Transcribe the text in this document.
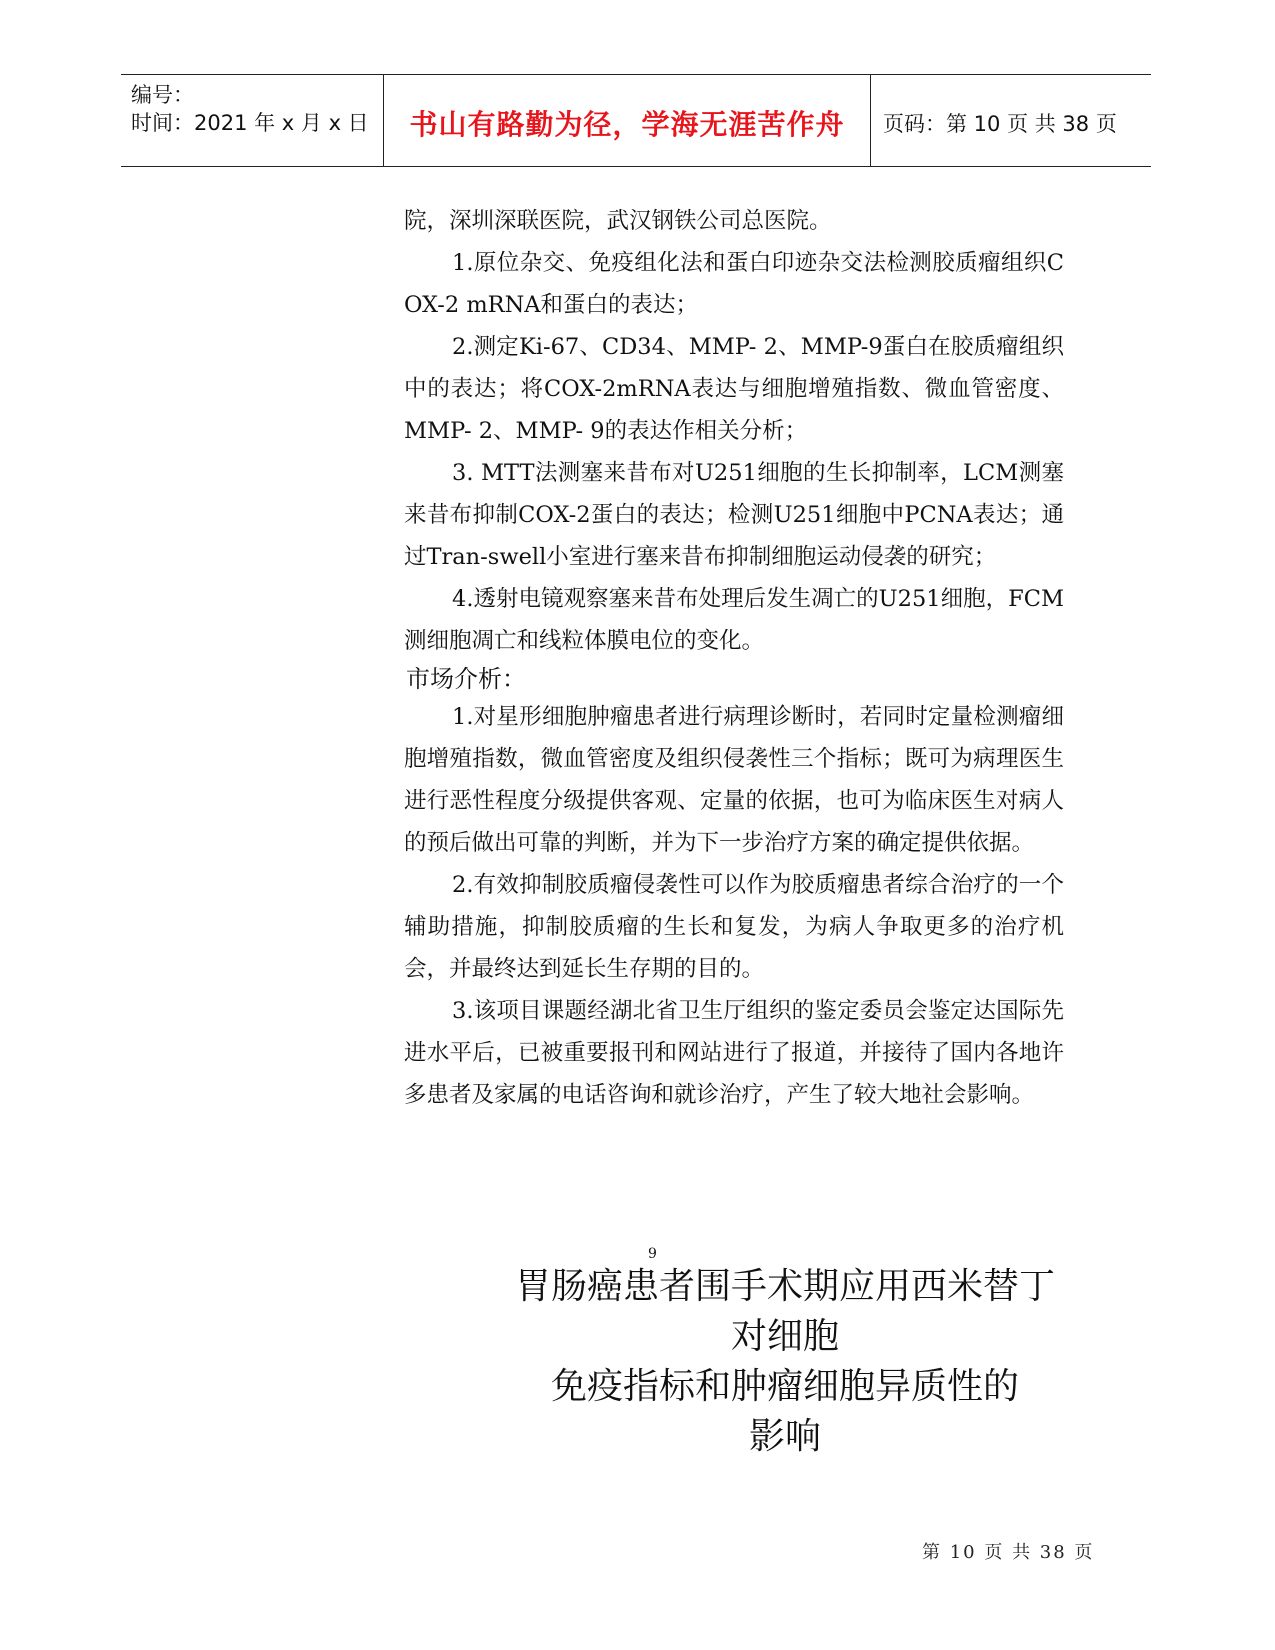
编号：
时间：2021 年 x 月 x 日	书山有路勤为径，学海无涯苦作舟	页码：第 10 页 共 38 页

院，深圳深联医院，武汉钢铁公司总医院。

1.原位杂交、免疫组化法和蛋白印迹杂交法检测胶质瘤组织COX-2 mRNA和蛋白的表达；

2.测定Ki-67、CD34、MMP- 2、MMP-9蛋白在胶质瘤组织中的表达；将COX-2mRNA表达与细胞增殖指数、微血管密度、MMP- 2、MMP- 9的表达作相关分析；

3. MTT法测塞来昔布对U251细胞的生长抑制率，LCM测塞来昔布抑制COX-2蛋白的表达；检测U251细胞中PCNA表达；通过Tran-swell小室进行塞来昔布抑制细胞运动侵袭的研究；

4.透射电镜观察塞来昔布处理后发生凋亡的U251细胞，FCM测细胞凋亡和线粒体膜电位的变化。

市场介析：

1.对星形细胞肿瘤患者进行病理诊断时，若同时定量检测瘤细胞增殖指数，微血管密度及组织侵袭性三个指标；既可为病理医生进行恶性程度分级提供客观、定量的依据，也可为临床医生对病人的预后做出可靠的判断，并为下一步治疗方案的确定提供依据。

2.有效抑制胶质瘤侵袭性可以作为胶质瘤患者综合治疗的一个辅助措施，抑制胶质瘤的生长和复发，为病人争取更多的治疗机会，并最终达到延长生存期的目的。

3.该项目课题经湖北省卫生厅组织的鉴定委员会鉴定达国际先进水平后，已被重要报刊和网站进行了报道，并接待了国内各地许多患者及家属的电话咨询和就诊治疗，产生了较大地社会影响。

9
胃肠癌患者围手术期应用西米替丁
对细胞
免疫指标和肿瘤细胞异质性的
影响
第 10 页 共 38 页
